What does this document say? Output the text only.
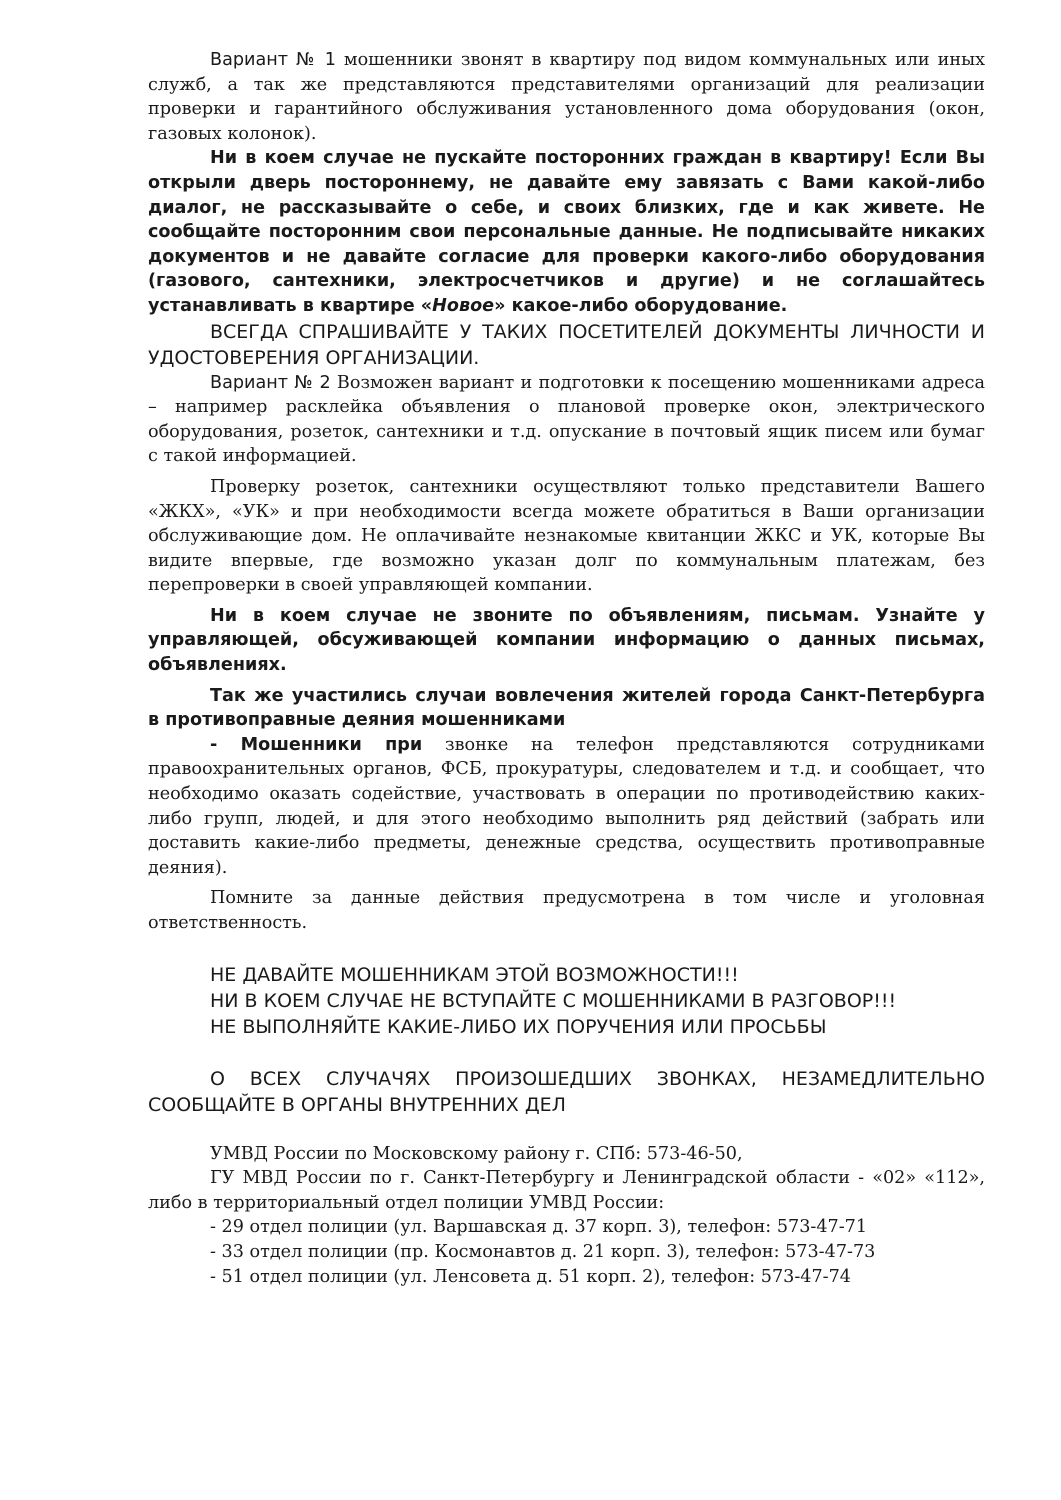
Вариант № 1 мошенники звонят в квартиру под видом коммунальных или иных служб, а так же представляются представителями организаций для реализации проверки и гарантийного обслуживания установленного дома оборудования (окон, газовых колонок).

Ни в коем случае не пускайте посторонних граждан в квартиру! Если Вы открыли дверь постороннему, не давайте ему завязать с Вами какой-либо диалог, не рассказывайте о себе, и своих близких, где и как живете. Не сообщайте посторонним свои персональные данные. Не подписывайте никаких документов и не давайте согласие для проверки какого-либо оборудования (газового, сантехники, электросчетчиков и другие) и не соглашайтесь устанавливать в квартире «Новое» какое-либо оборудование.

ВСЕГДА СПРАШИВАЙТЕ У ТАКИХ ПОСЕТИТЕЛЕЙ ДОКУМЕНТЫ ЛИЧНОСТИ И УДОСТОВЕРЕНИЯ ОРГАНИЗАЦИИ.

Вариант № 2 Возможен вариант и подготовки к посещению мошенниками адреса – например расклейка объявления о плановой проверке окон, электрического оборудования, розеток, сантехники и т.д. опускание в почтовый ящик писем или бумаг с такой информацией.

Проверку розеток, сантехники осуществляют только представители Вашего «ЖКХ», «УК» и при необходимости всегда можете обратиться в Ваши организации обслуживающие дом. Не оплачивайте незнакомые квитанции ЖКС и УК, которые Вы видите впервые, где возможно указан долг по коммунальным платежам, без перепроверки в своей управляющей компании.

Ни в коем случае не звоните по объявлениям, письмам. Узнайте у управляющей, обсуживающей компании информацию о данных письмах, объявлениях.

Так же участились случаи вовлечения жителей города Санкт-Петербурга в противоправные деяния мошенниками

- Мошенники при звонке на телефон представляются сотрудниками правоохранительных органов, ФСБ, прокуратуры, следователем и т.д. и сообщает, что необходимо оказать содействие, участвовать в операции по противодействию каких-либо групп, людей, и для этого необходимо выполнить ряд действий (забрать или доставить какие-либо предметы, денежные средства, осуществить противоправные деяния).

Помните за данные действия предусмотрена в том числе и уголовная ответственность.

НЕ ДАВАЙТЕ МОШЕННИКАМ ЭТОЙ ВОЗМОЖНОСТИ!!!

НИ В КОЕМ СЛУЧАЕ НЕ ВСТУПАЙТЕ С МОШЕННИКАМИ В РАЗГОВОР!!!

НЕ ВЫПОЛНЯЙТЕ КАКИЕ-ЛИБО ИХ ПОРУЧЕНИЯ ИЛИ ПРОСЬБЫ

О ВСЕХ СЛУЧАЧЯХ ПРОИЗОШЕДШИХ ЗВОНКАХ, НЕЗАМЕДЛИТЕЛЬНО СООБЩАЙТЕ В ОРГАНЫ ВНУТРЕННИХ ДЕЛ

УМВД России по Московскому району г. СПб: 573-46-50,

ГУ МВД России по г. Санкт-Петербургу и Ленинградской области - «02» «112», либо в территориальный отдел полиции УМВД России:

- 29 отдел полиции (ул. Варшавская д. 37 корп. 3), телефон: 573-47-71

- 33 отдел полиции (пр. Космонавтов д. 21 корп. 3), телефон: 573-47-73

- 51 отдел полиции (ул. Ленсовета д. 51 корп. 2), телефон: 573-47-74
